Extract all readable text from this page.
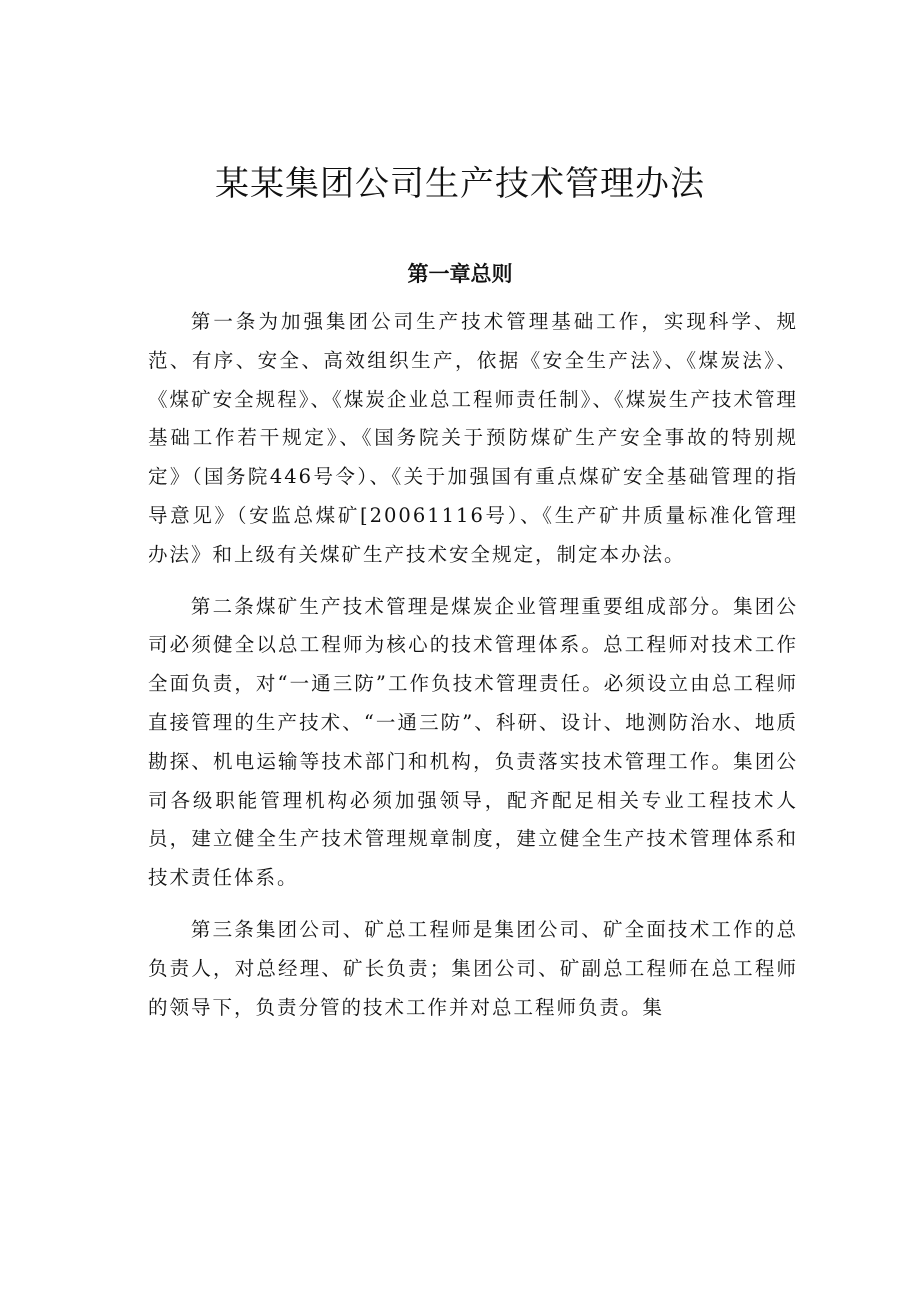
某某集团公司生产技术管理办法
第一章总则

第一条为加强集团公司生产技术管理基础工作，实现科学、规范、有序、安全、高效组织生产，依据《安全生产法》、《煤炭法》、《煤矿安全规程》、《煤炭企业总工程师责任制》、《煤炭生产技术管理基础工作若干规定》、《国务院关于预防煤矿生产安全事故的特别规定》（国务院446号令）、《关于加强国有重点煤矿安全基础管理的指导意见》（安监总煤矿[20061116号）、《生产矿井质量标准化管理办法》和上级有关煤矿生产技术安全规定，制定本办法。

第二条煤矿生产技术管理是煤炭企业管理重要组成部分。集团公司必须健全以总工程师为核心的技术管理体系。总工程师对技术工作全面负责，对“一通三防”工作负技术管理责任。必须设立由总工程师直接管理的生产技术、“一通三防”、科研、设计、地测防治水、地质勘探、机电运输等技术部门和机构，负责落实技术管理工作。集团公司各级职能管理机构必须加强领导，配齐配足相关专业工程技术人员，建立健全生产技术管理规章制度，建立健全生产技术管理体系和技术责任体系。

第三条集团公司、矿总工程师是集团公司、矿全面技术工作的总负责人，对总经理、矿长负责；集团公司、矿副总工程师在总工程师的领导下，负责分管的技术工作并对总工程师负责。集
